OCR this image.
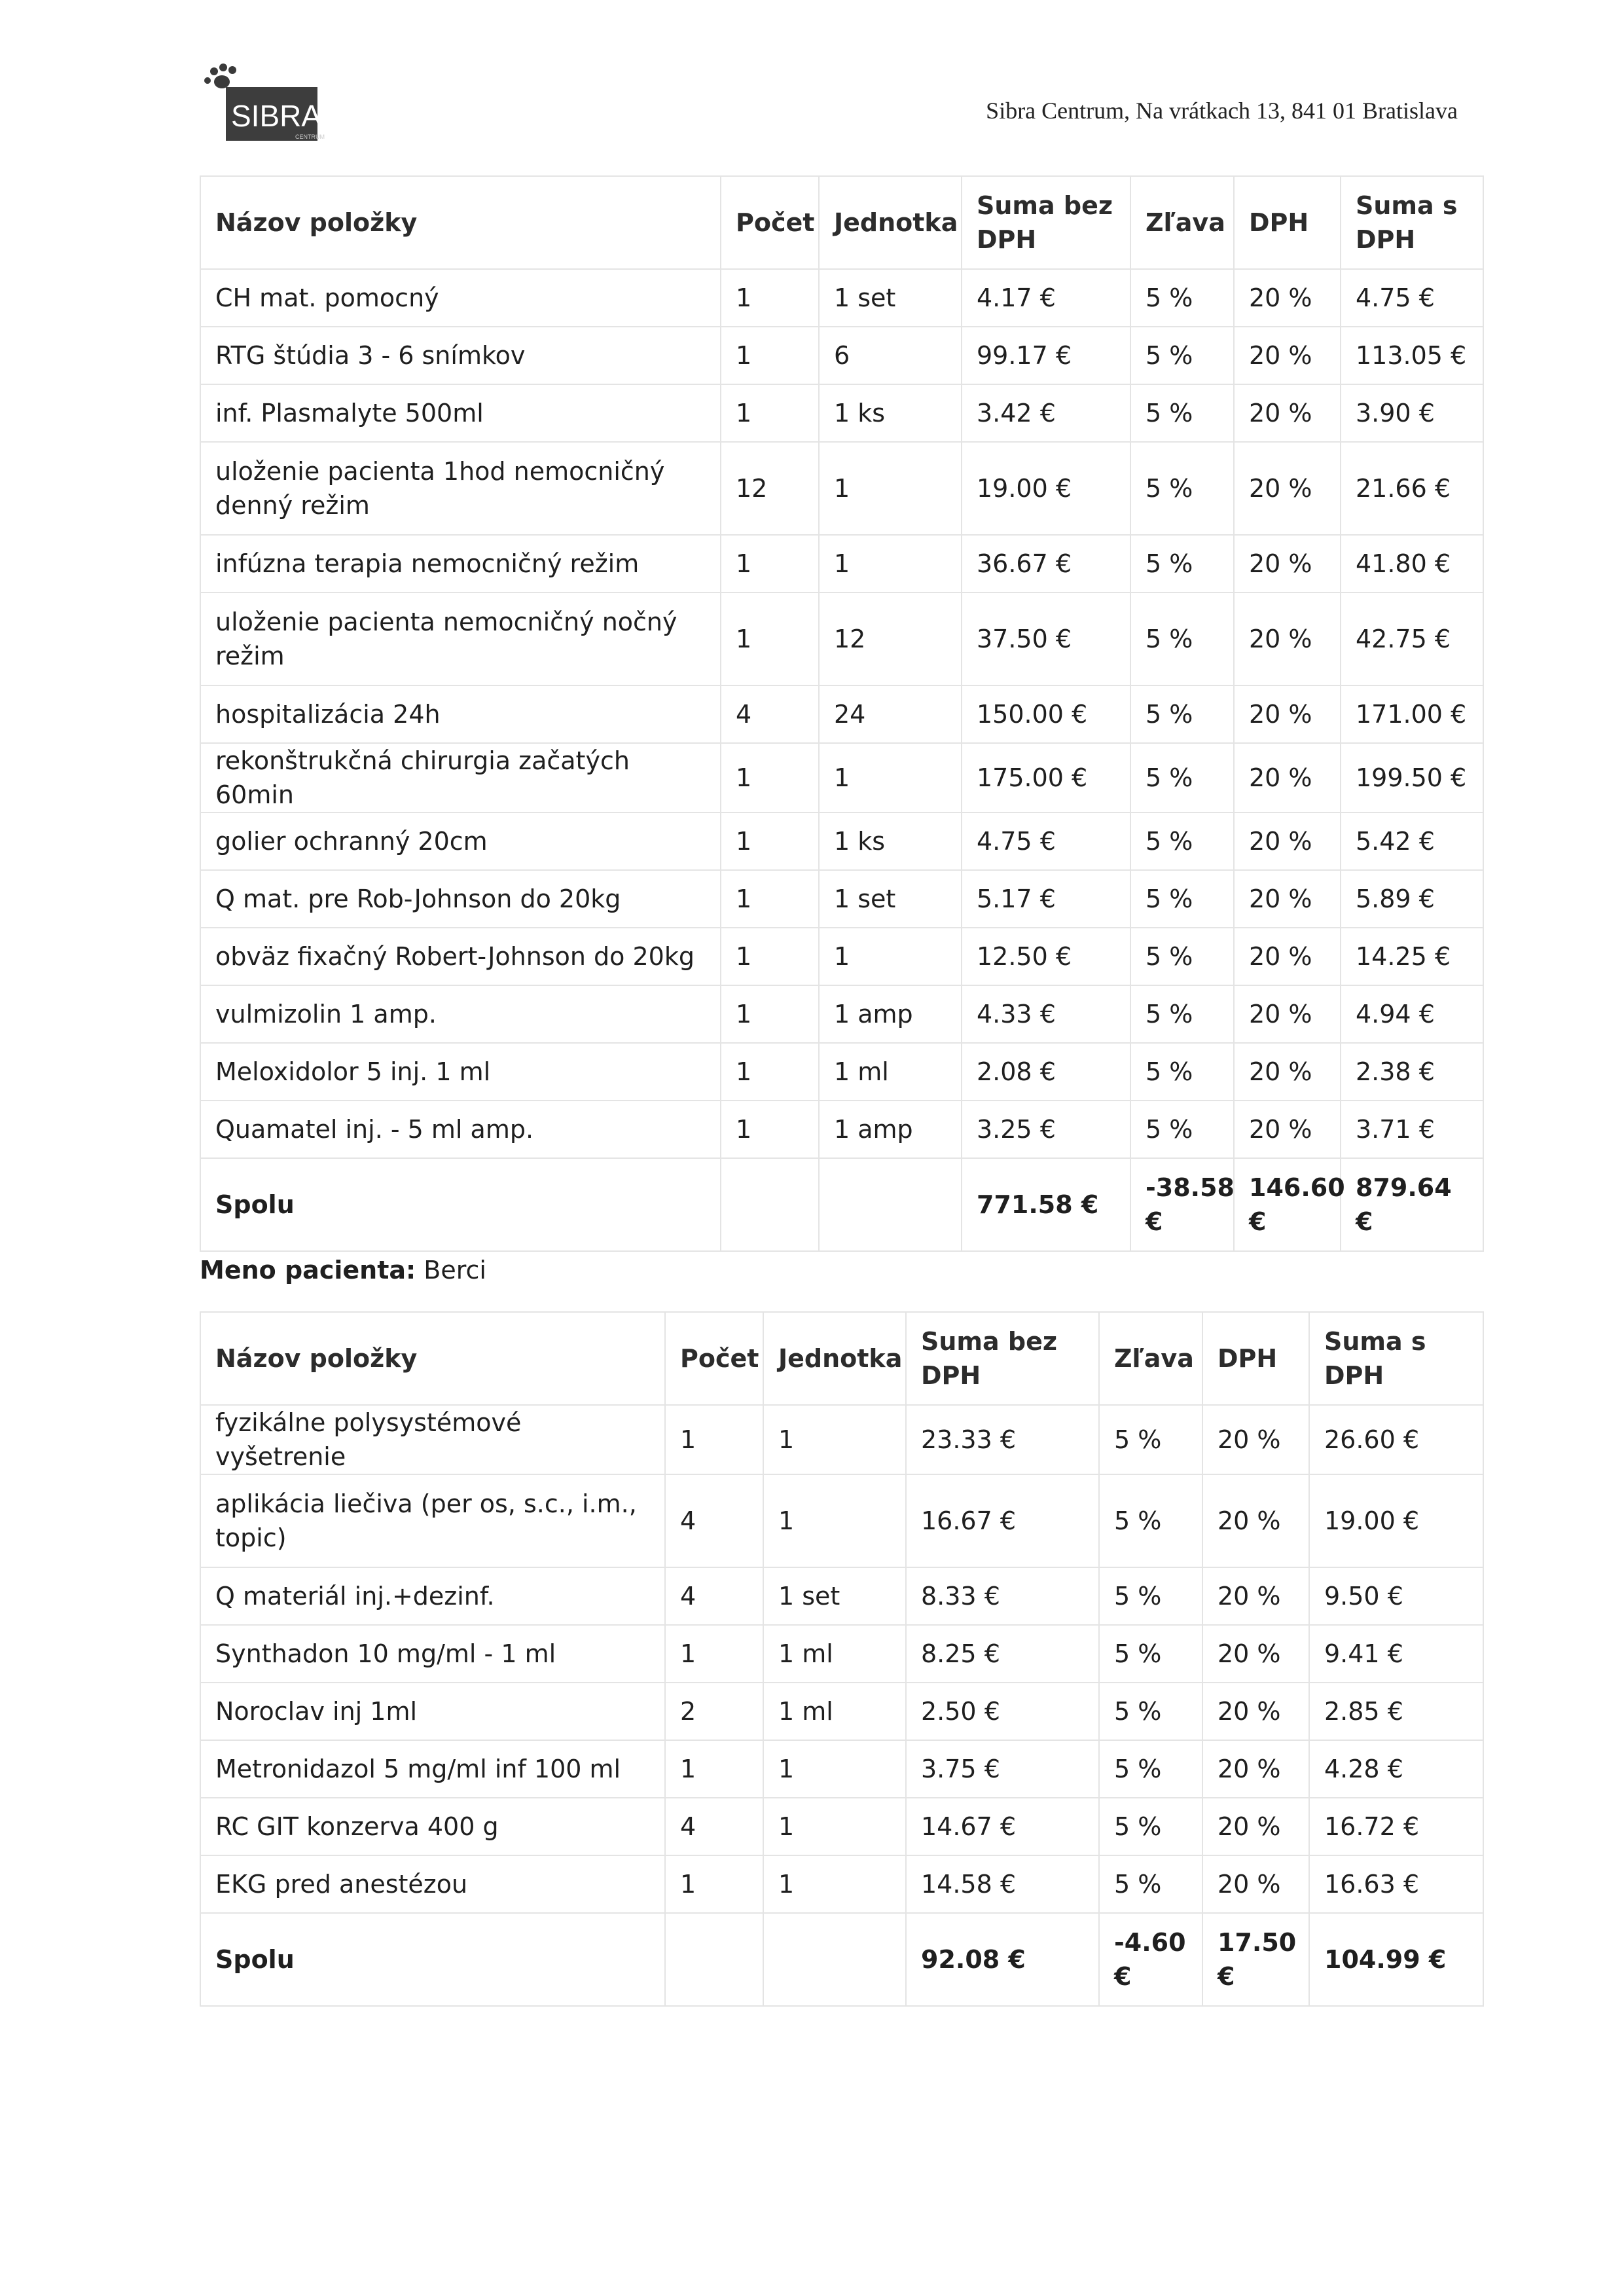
SIBRA
CENTRUM
Sibra Centrum, Na vrátkach 13, 841 01 Bratislava
Názov položky	Počet	Jednotka	Suma bez DPH	Zľava	DPH	Suma s DPH
CH mat. pomocný	1	1 set	4.17 €	5 %	20 %	4.75 €
RTG štúdia 3 - 6 snímkov	1	6	99.17 €	5 %	20 %	113.05 €
inf. Plasmalyte 500ml	1	1 ks	3.42 €	5 %	20 %	3.90 €
uloženie pacienta 1hod nemocničný denný režim	12	1	19.00 €	5 %	20 %	21.66 €
infúzna terapia nemocničný režim	1	1	36.67 €	5 %	20 %	41.80 €
uloženie pacienta nemocničný nočný režim	1	12	37.50 €	5 %	20 %	42.75 €
hospitalizácia 24h	4	24	150.00 €	5 %	20 %	171.00 €
rekonštrukčná chirurgia začatých 60min	1	1	175.00 €	5 %	20 %	199.50 €
golier ochranný 20cm	1	1 ks	4.75 €	5 %	20 %	5.42 €
Q mat. pre Rob-Johnson do 20kg	1	1 set	5.17 €	5 %	20 %	5.89 €
obväz fixačný Robert-Johnson do 20kg	1	1	12.50 €	5 %	20 %	14.25 €
vulmizolin 1 amp.	1	1 amp	4.33 €	5 %	20 %	4.94 €
Meloxidolor 5 inj. 1 ml	1	1 ml	2.08 €	5 %	20 %	2.38 €
Quamatel inj. - 5 ml amp.	1	1 amp	3.25 €	5 %	20 %	3.71 €
Spolu			771.58 €	-38.58 €	146.60 €	879.64 €
Meno pacienta: Berci
Názov položky	Počet	Jednotka	Suma bez DPH	Zľava	DPH	Suma s DPH
fyzikálne polysystémové vyšetrenie	1	1	23.33 €	5 %	20 %	26.60 €
aplikácia liečiva (per os, s.c., i.m., topic)	4	1	16.67 €	5 %	20 %	19.00 €
Q materiál inj.+dezinf.	4	1 set	8.33 €	5 %	20 %	9.50 €
Synthadon 10 mg/ml - 1 ml	1	1 ml	8.25 €	5 %	20 %	9.41 €
Noroclav inj 1ml	2	1 ml	2.50 €	5 %	20 %	2.85 €
Metronidazol 5 mg/ml inf 100 ml	1	1	3.75 €	5 %	20 %	4.28 €
RC GIT konzerva 400 g	4	1	14.67 €	5 %	20 %	16.72 €
EKG pred anestézou	1	1	14.58 €	5 %	20 %	16.63 €
Spolu			92.08 €	-4.60 €	17.50 €	104.99 €
